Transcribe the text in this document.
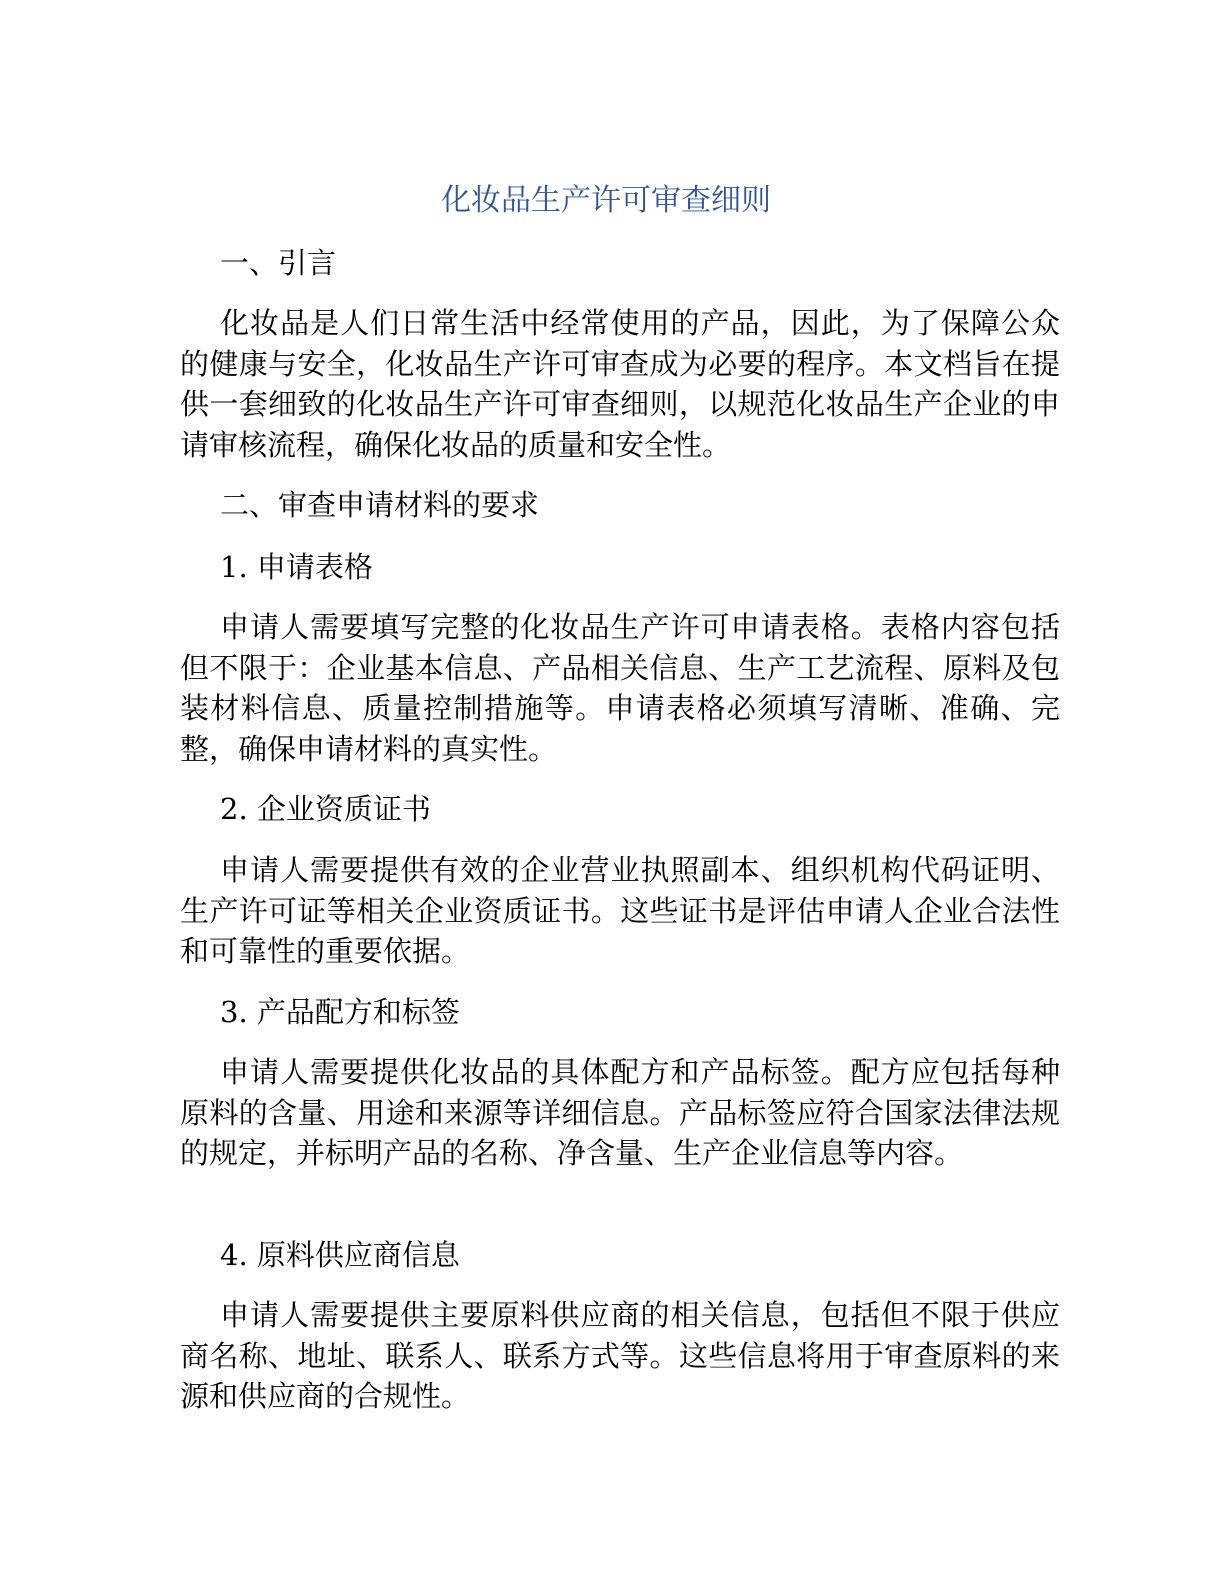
化妆品生产许可审查细则

一、引言

化妆品是人们日常生活中经常使用的产品，因此，为了保障公众的健康与安全，化妆品生产许可审查成为必要的程序。本文档旨在提供一套细致的化妆品生产许可审查细则，以规范化妆品生产企业的申请审核流程，确保化妆品的质量和安全性。

二、审查申请材料的要求

1. 申请表格

申请人需要填写完整的化妆品生产许可申请表格。表格内容包括但不限于：企业基本信息、产品相关信息、生产工艺流程、原料及包装材料信息、质量控制措施等。申请表格必须填写清晰、准确、完整，确保申请材料的真实性。

2. 企业资质证书

申请人需要提供有效的企业营业执照副本、组织机构代码证明、生产许可证等相关企业资质证书。这些证书是评估申请人企业合法性和可靠性的重要依据。

3. 产品配方和标签

申请人需要提供化妆品的具体配方和产品标签。配方应包括每种原料的含量、用途和来源等详细信息。产品标签应符合国家法律法规的规定，并标明产品的名称、净含量、生产企业信息等内容。

4. 原料供应商信息

申请人需要提供主要原料供应商的相关信息，包括但不限于供应商名称、地址、联系人、联系方式等。这些信息将用于审查原料的来源和供应商的合规性。
